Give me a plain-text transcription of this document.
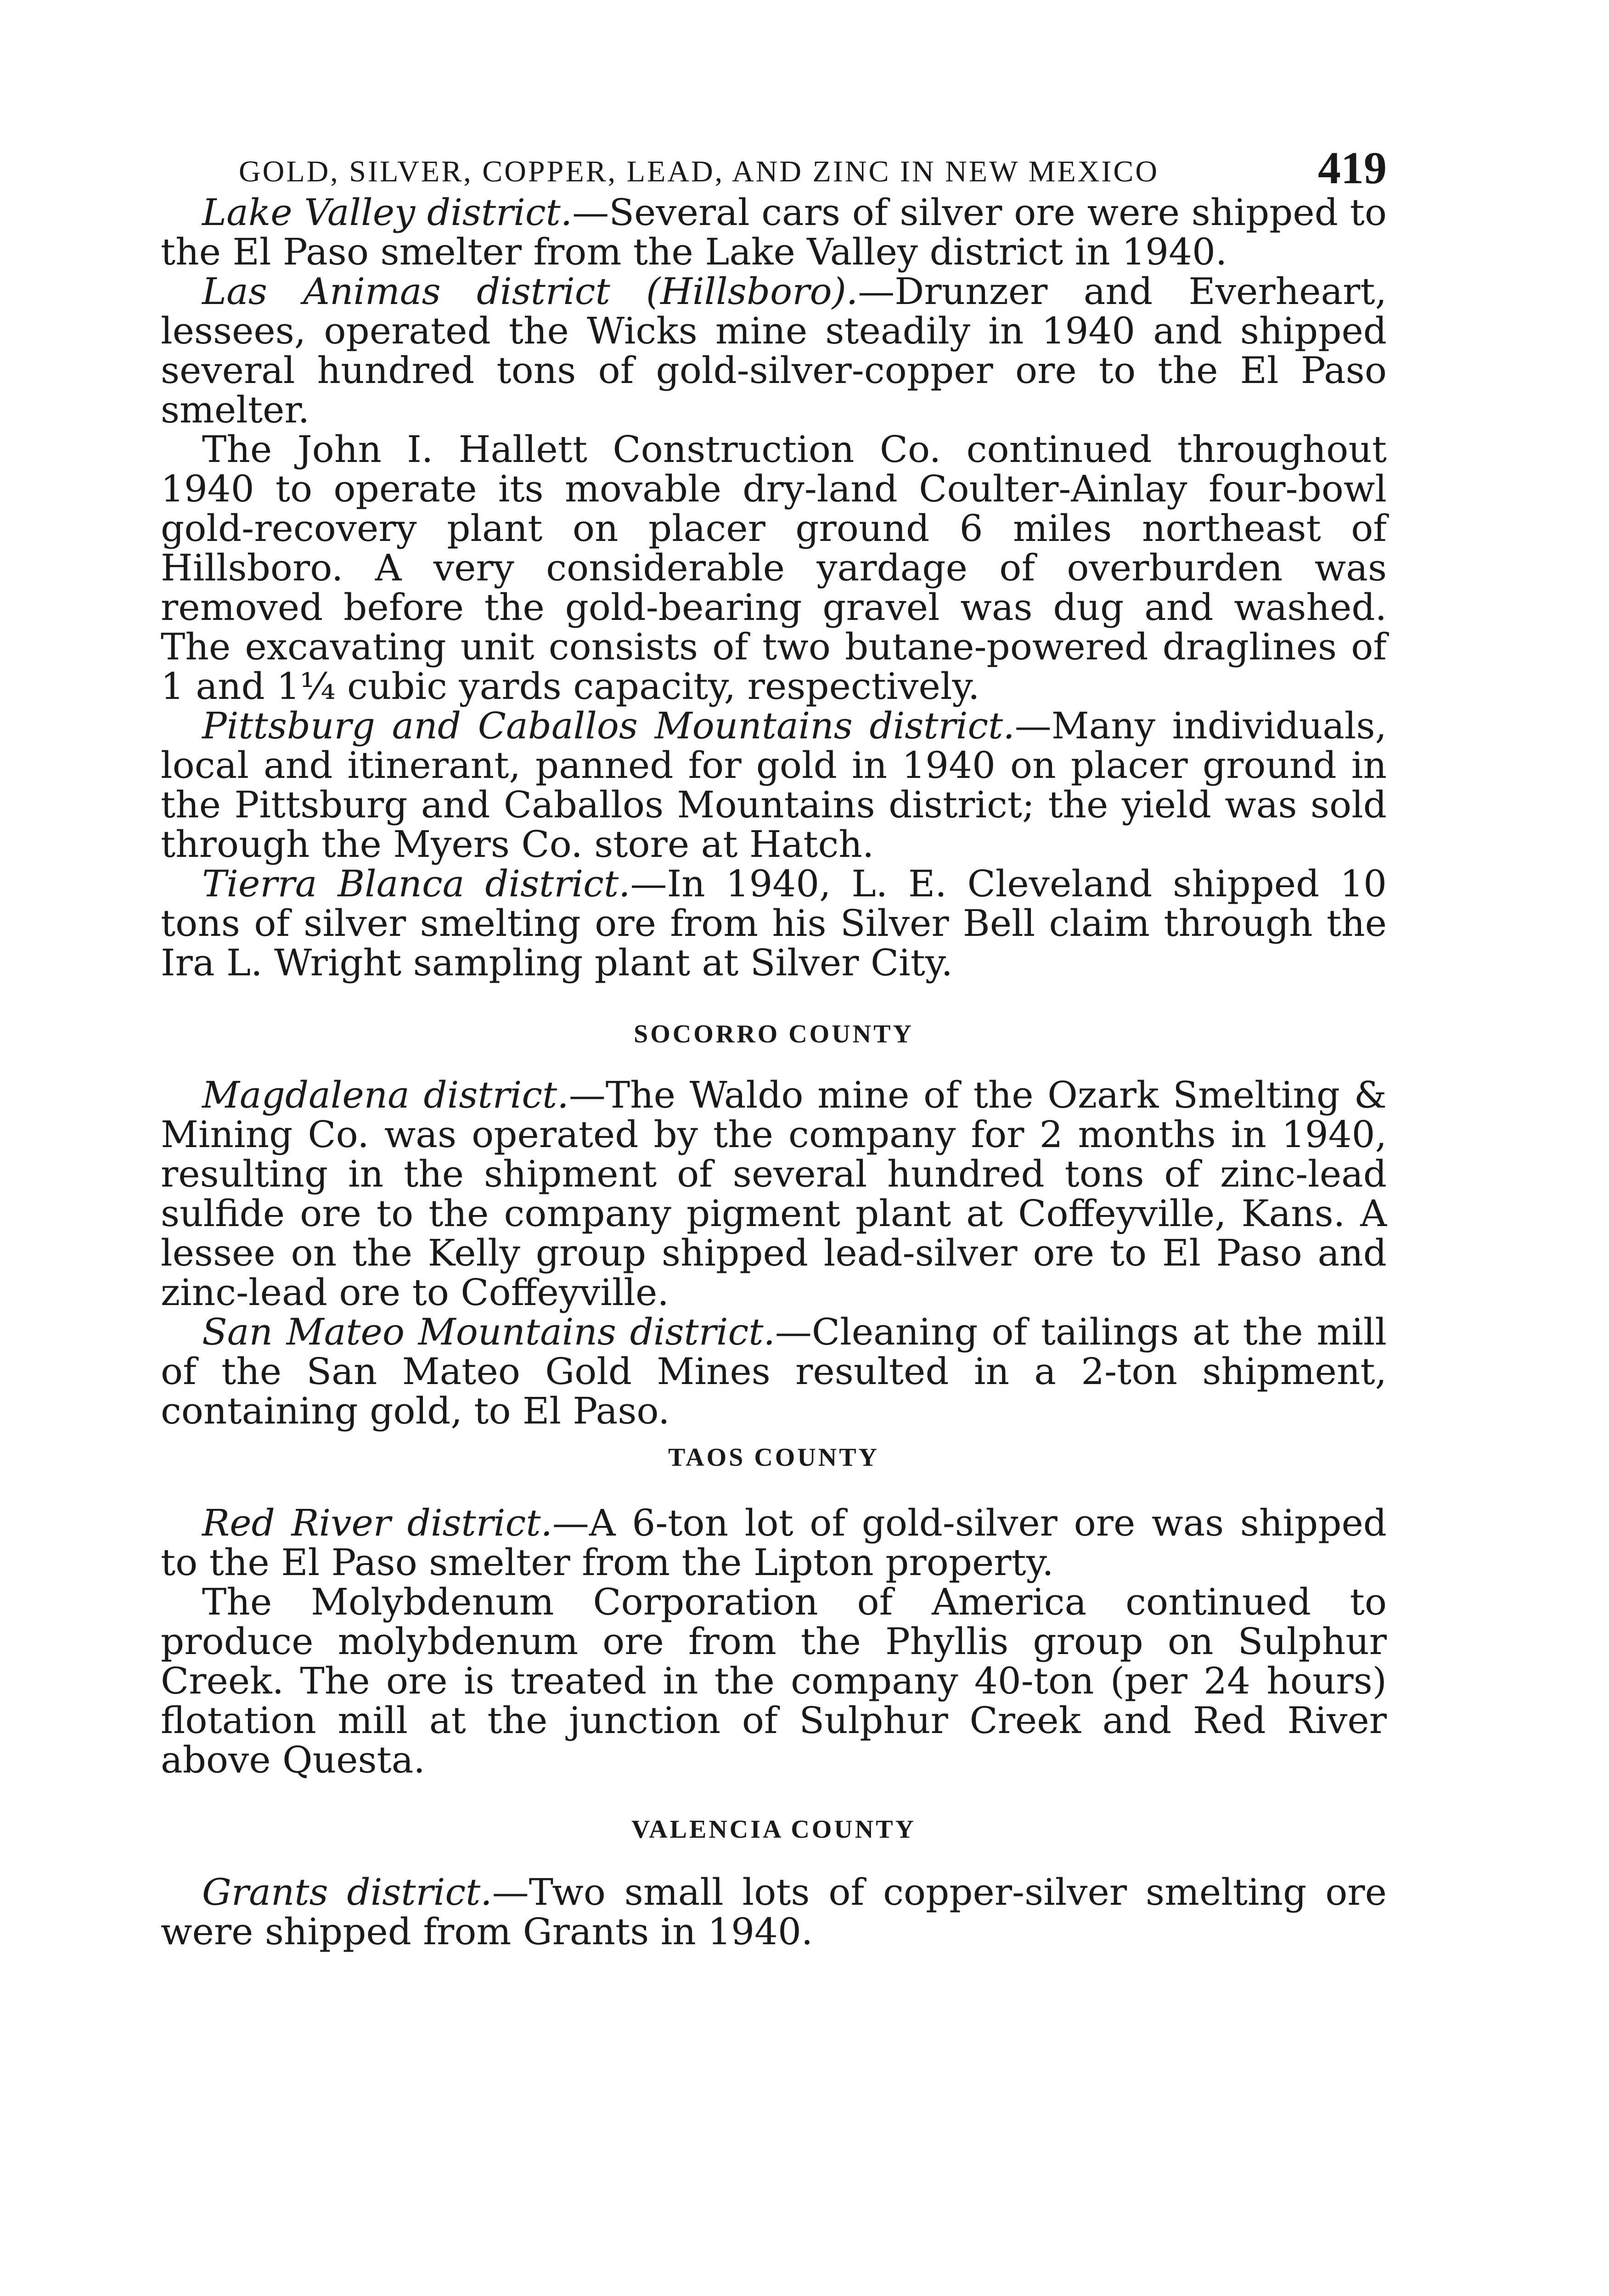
GOLD, SILVER, COPPER, LEAD, AND ZINC IN NEW MEXICO	419

Lake Valley district.—Several cars of silver ore were shipped to the El Paso smelter from the Lake Valley district in 1940.

Las Animas district (Hillsboro).—Drunzer and Everheart, lessees, operated the Wicks mine steadily in 1940 and shipped several hundred tons of gold-silver-copper ore to the El Paso smelter.

The John I. Hallett Construction Co. continued throughout 1940 to operate its movable dry-land Coulter-Ainlay four-bowl gold-recovery plant on placer ground 6 miles northeast of Hillsboro. A very considerable yardage of overburden was removed before the gold-bearing gravel was dug and washed. The excavating unit consists of two butane-powered draglines of 1 and 1¼ cubic yards capacity, respectively.

Pittsburg and Caballos Mountains district.—Many individuals, local and itinerant, panned for gold in 1940 on placer ground in the Pittsburg and Caballos Mountains district; the yield was sold through the Myers Co. store at Hatch.

Tierra Blanca district.—In 1940, L. E. Cleveland shipped 10 tons of silver smelting ore from his Silver Bell claim through the Ira L. Wright sampling plant at Silver City.

SOCORRO COUNTY

Magdalena district.—The Waldo mine of the Ozark Smelting & Mining Co. was operated by the company for 2 months in 1940, resulting in the shipment of several hundred tons of zinc-lead sulfide ore to the company pigment plant at Coffeyville, Kans. A lessee on the Kelly group shipped lead-silver ore to El Paso and zinc-lead ore to Coffeyville.

San Mateo Mountains district.—Cleaning of tailings at the mill of the San Mateo Gold Mines resulted in a 2-ton shipment, containing gold, to El Paso.

TAOS COUNTY

Red River district.—A 6-ton lot of gold-silver ore was shipped to the El Paso smelter from the Lipton property.

The Molybdenum Corporation of America continued to produce molybdenum ore from the Phyllis group on Sulphur Creek. The ore is treated in the company 40-ton (per 24 hours) flotation mill at the junction of Sulphur Creek and Red River above Questa.

VALENCIA COUNTY

Grants district.—Two small lots of copper-silver smelting ore were shipped from Grants in 1940.
